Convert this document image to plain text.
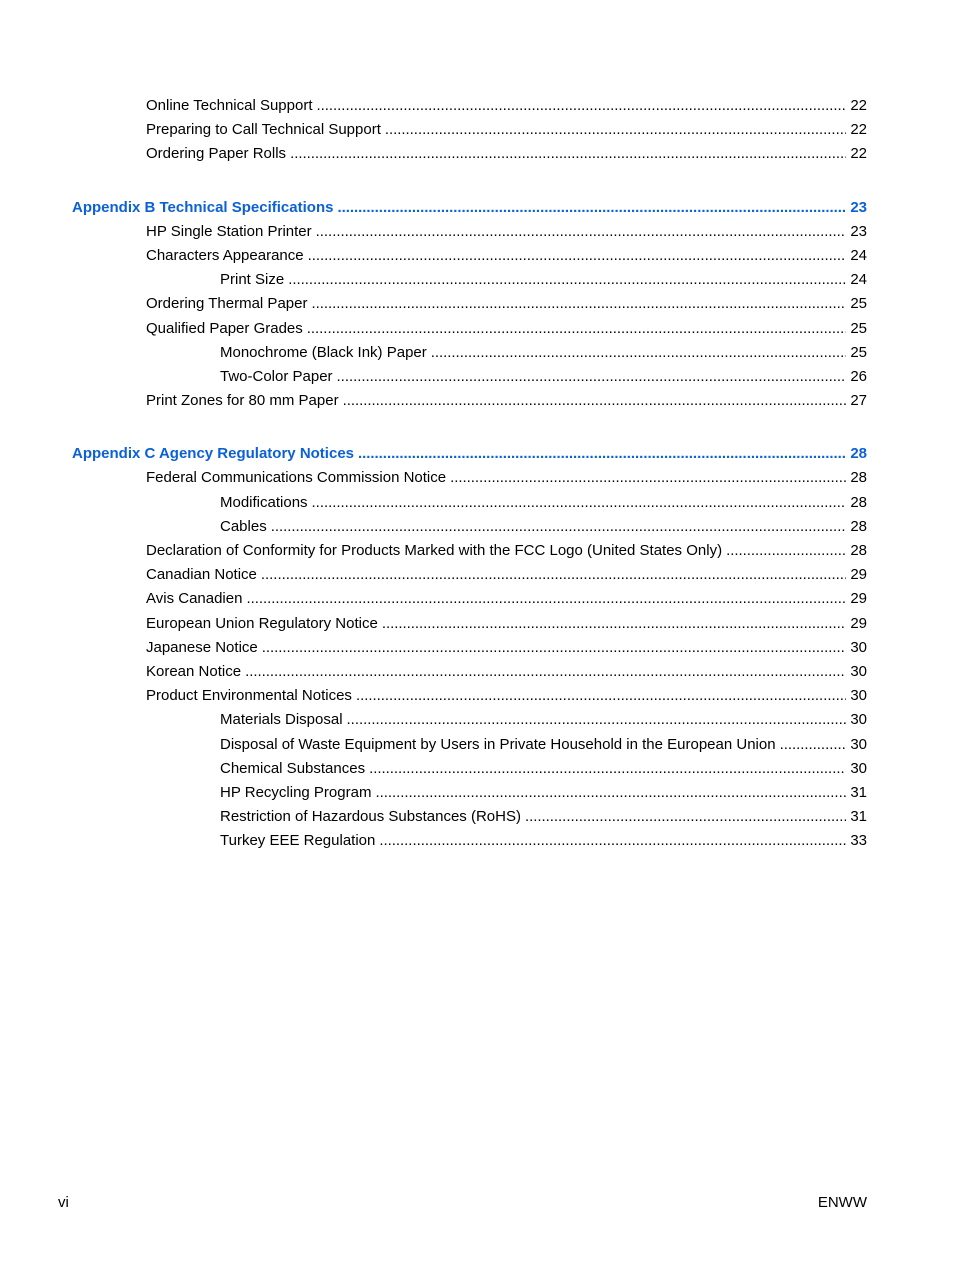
Online Technical Support . . .	22
Preparing to Call Technical Support . . .	22
Ordering Paper Rolls . . .	22
Appendix B Technical Specifications . . .	23
HP Single Station Printer . . .	23
Characters Appearance . . .	24
Print Size . . .	24
Ordering Thermal Paper . . .	25
Qualified Paper Grades . . .	25
Monochrome (Black Ink) Paper . . .	25
Two-Color Paper . . .	26
Print Zones for 80 mm Paper . . .	27
Appendix C Agency Regulatory Notices . . .	28
Federal Communications Commission Notice . . .	28
Modifications . . .	28
Cables . . .	28
Declaration of Conformity for Products Marked with the FCC Logo (United States Only) . . .	28
Canadian Notice . . .	29
Avis Canadien . . .	29
European Union Regulatory Notice . . .	29
Japanese Notice . . .	30
Korean Notice . . .	30
Product Environmental Notices . . .	30
Materials Disposal . . .	30
Disposal of Waste Equipment by Users in Private Household in the European Union . . .	30
Chemical Substances . . .	30
HP Recycling Program . . .	31
Restriction of Hazardous Substances (RoHS) . . .	31
Turkey EEE Regulation . . .	33
vi	ENWW
